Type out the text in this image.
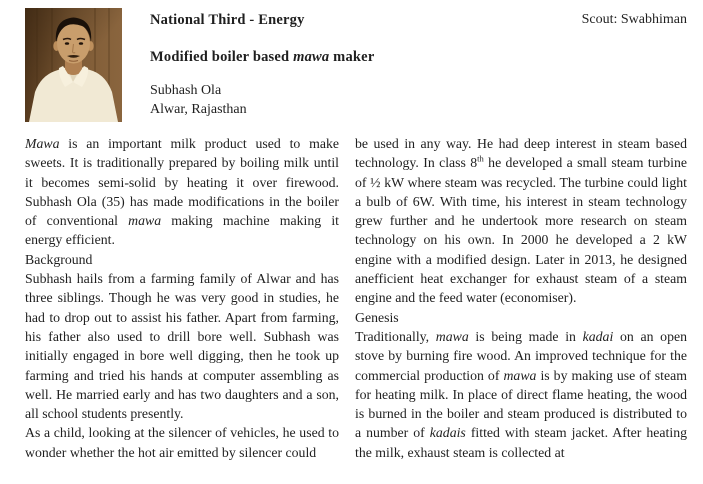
National Third - Energy
Modified boiler based mawa maker
Subhash Ola
Alwar, Rajasthan
Scout: Swabhiman

Mawa is an important milk product used to make sweets. It is traditionally prepared by boiling milk until it becomes semi-solid by heating it over firewood. Subhash Ola (35) has made modifications in the boiler of conventional mawa making machine making it energy efficient.

Background

Subhash hails from a farming family of Alwar and has three siblings. Though he was very good in studies, he had to drop out to assist his father. Apart from farming, his father also used to drill bore well. Subhash was initially engaged in bore well digging, then he took up farming and tried his hands at computer assembling as well. He married early and has two daughters and a son, all school students presently.

As a child, looking at the silencer of vehicles, he used to wonder whether the hot air emitted by silencer could

be used in any way. He had deep interest in steam based technology. In class 8th he developed a small steam turbine of ½ kW where steam was recycled. The turbine could light a bulb of 6W. With time, his interest in steam technology grew further and he undertook more research on steam technology on his own. In 2000 he developed a 2 kW engine with a modified design. Later in 2013, he designed anefficient heat exchanger for exhaust steam of a steam engine and the feed water (economiser).

Genesis

Traditionally, mawa is being made in kadai on an open stove by burning fire wood. An improved technique for the commercial production of mawa is by making use of steam for heating milk. In place of direct flame heating, the wood is burned in the boiler and steam produced is distributed to a number of kadais fitted with steam jacket. After heating the milk, exhaust steam is collected at
